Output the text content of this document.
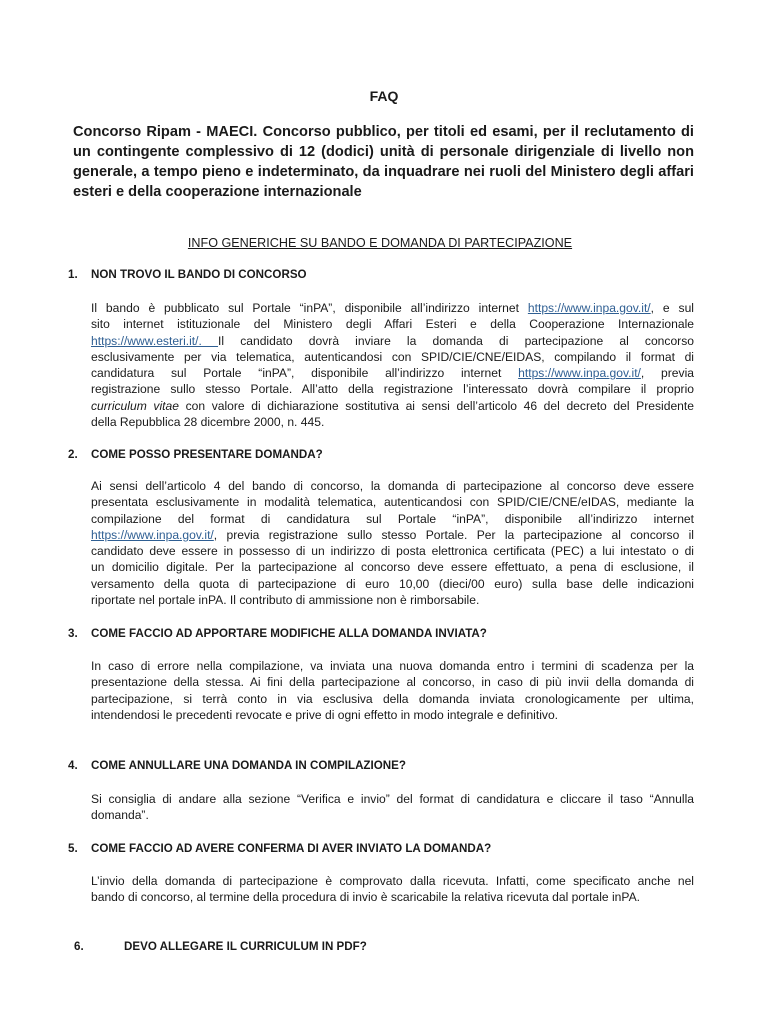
FAQ
Concorso Ripam - MAECI. Concorso pubblico, per titoli ed esami, per il reclutamento di un contingente complessivo di 12 (dodici) unità di personale dirigenziale di livello non generale, a tempo pieno e indeterminato, da inquadrare nei ruoli del Ministero degli affari esteri e della cooperazione internazionale
INFO GENERICHE SU BANDO E DOMANDA DI PARTECIPAZIONE
1.	NON TROVO IL BANDO DI CONCORSO
Il bando è pubblicato sul Portale “inPA”, disponibile all’indirizzo internet https://www.inpa.gov.it/, e sul
sito internet istituzionale del Ministero degli Affari Esteri e della Cooperazione Internazionale
https://www.esteri.it/. Il candidato dovrà inviare la domanda di partecipazione al concorso
esclusivamente per via telematica, autenticandosi con SPID/CIE/CNE/EIDAS, compilando il format di
candidatura sul Portale “inPA”, disponibile all’indirizzo internet https://www.inpa.gov.it/, previa
registrazione sullo stesso Portale. All’atto della registrazione l’interessato dovrà compilare il proprio
curriculum vitae con valore di dichiarazione sostitutiva ai sensi dell’articolo 46 del decreto del Presidente
della Repubblica 28 dicembre 2000, n. 445.
2.	COME POSSO PRESENTARE DOMANDA?
Ai sensi dell’articolo 4 del bando di concorso, la domanda di partecipazione al concorso deve essere
presentata esclusivamente in modalità telematica, autenticandosi con SPID/CIE/CNE/eIDAS, mediante la
compilazione del format di candidatura sul Portale “inPA”, disponibile all’indirizzo internet
https://www.inpa.gov.it/, previa registrazione sullo stesso Portale. Per la partecipazione al concorso il
candidato deve essere in possesso di un indirizzo di posta elettronica certificata (PEC) a lui intestato o di
un domicilio digitale. Per la partecipazione al concorso deve essere effettuato, a pena di esclusione, il
versamento della quota di partecipazione di euro 10,00 (dieci/00 euro) sulla base delle indicazioni
riportate nel portale inPA. Il contributo di ammissione non è rimborsabile.
3.	COME FACCIO AD APPORTARE MODIFICHE ALLA DOMANDA INVIATA?
In caso di errore nella compilazione, va inviata una nuova domanda entro i termini di scadenza per la
presentazione della stessa. Ai fini della partecipazione al concorso, in caso di più invii della domanda di
partecipazione, si terrà conto in via esclusiva della domanda inviata cronologicamente per ultima,
intendendosi le precedenti revocate e prive di ogni effetto in modo integrale e definitivo.
4.	COME ANNULLARE UNA DOMANDA IN COMPILAZIONE?
Si consiglia di andare alla sezione “Verifica e invio” del format di candidatura e cliccare il taso “Annulla
domanda”.
5.	COME FACCIO AD AVERE CONFERMA DI AVER INVIATO LA DOMANDA?
L’invio della domanda di partecipazione è comprovato dalla ricevuta. Infatti, come specificato anche nel
bando di concorso, al termine della procedura di invio è scaricabile la relativa ricevuta dal portale inPA.
6.	DEVO ALLEGARE IL CURRICULUM IN PDF?
